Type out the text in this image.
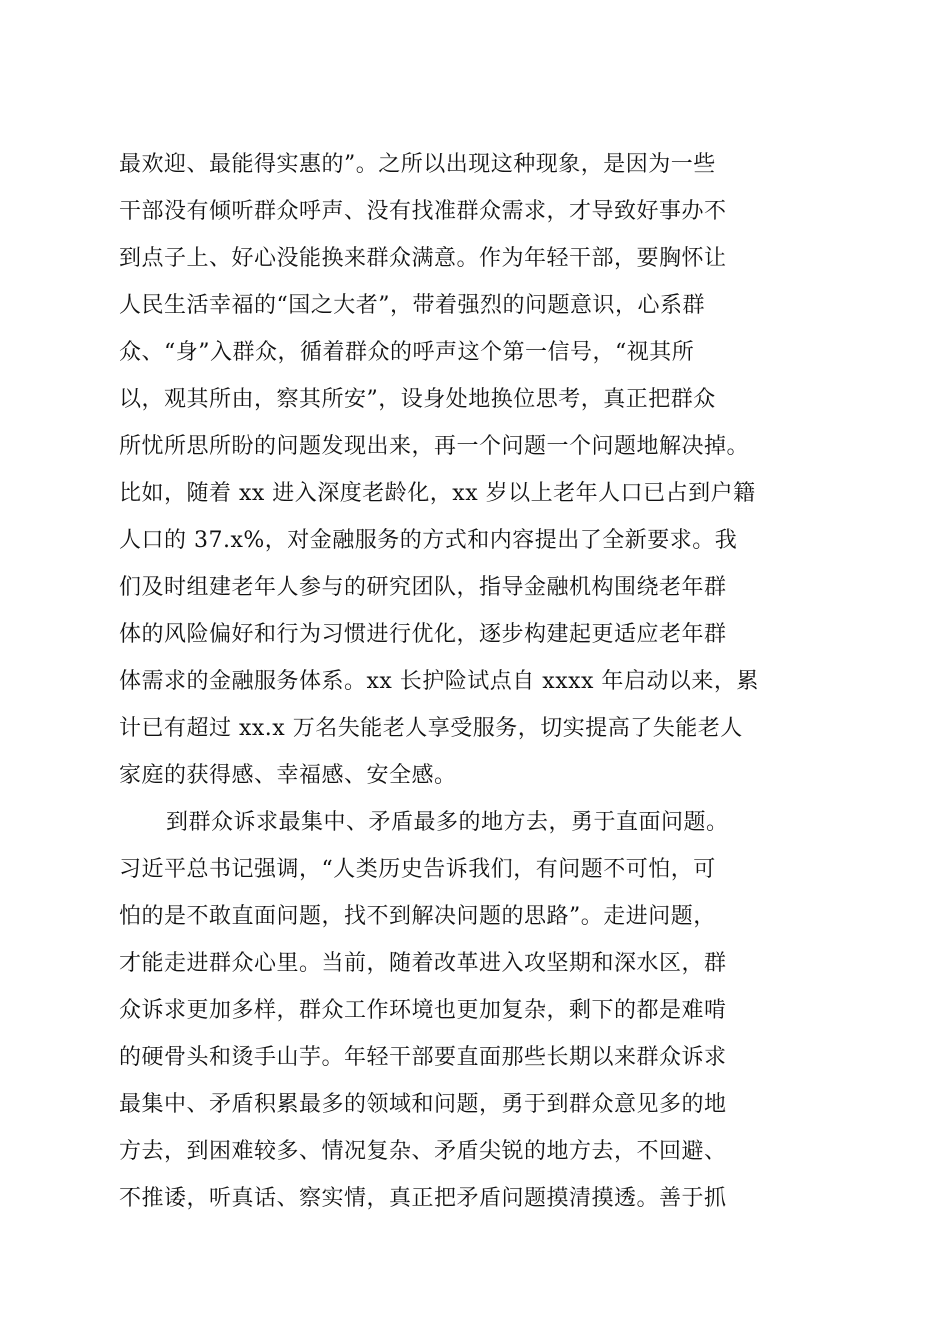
最欢迎、最能得实惠的”。之所以出现这种现象，是因为一些
干部没有倾听群众呼声、没有找准群众需求，才导致好事办不
到点子上、好心没能换来群众满意。作为年轻干部，要胸怀让
人民生活幸福的“国之大者”，带着强烈的问题意识，心系群
众、“身”入群众，循着群众的呼声这个第一信号，“视其所
以，观其所由，察其所安”，设身处地换位思考，真正把群众
所忧所思所盼的问题发现出来，再一个问题一个问题地解决掉。
比如，随着 xx 进入深度老龄化，xx 岁以上老年人口已占到户籍
人口的 37.x%，对金融服务的方式和内容提出了全新要求。我
们及时组建老年人参与的研究团队，指导金融机构围绕老年群
体的风险偏好和行为习惯进行优化，逐步构建起更适应老年群
体需求的金融服务体系。xx 长护险试点自 xxxx 年启动以来，累
计已有超过 xx.x 万名失能老人享受服务，切实提高了失能老人
家庭的获得感、幸福感、安全感。
到群众诉求最集中、矛盾最多的地方去，勇于直面问题。
习近平总书记强调，“人类历史告诉我们，有问题不可怕，可
怕的是不敢直面问题，找不到解决问题的思路”。走进问题，
才能走进群众心里。当前，随着改革进入攻坚期和深水区，群
众诉求更加多样，群众工作环境也更加复杂，剩下的都是难啃
的硬骨头和烫手山芋。年轻干部要直面那些长期以来群众诉求
最集中、矛盾积累最多的领域和问题，勇于到群众意见多的地
方去，到困难较多、情况复杂、矛盾尖锐的地方去，不回避、
不推诿，听真话、察实情，真正把矛盾问题摸清摸透。善于抓
